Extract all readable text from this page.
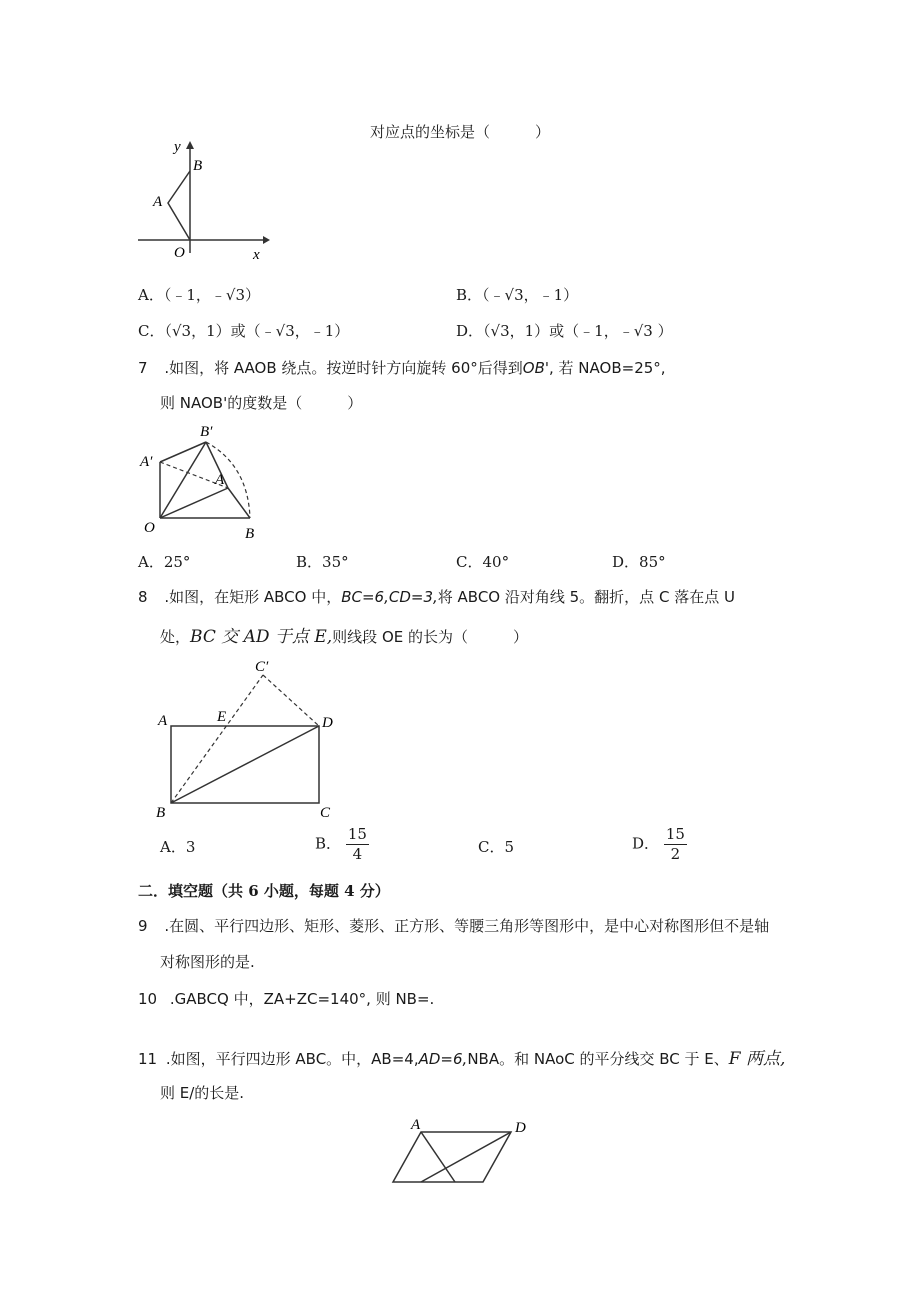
对应点的坐标是（　　　）
y
B
A
O	x
A．（﹣1，﹣√3）	B．（﹣√3，﹣1）
C．（√3，1）或（﹣√3，﹣1）	D．（√3，1）或（﹣1，﹣√3 ）
7 .如图，将 AAOB 绕点。按逆时针方向旋转 60°后得到OB', 若 NAOB=25°,
则 NAOB'的度数是（　　　）
B′
A′
A
O	B
A．25°	B．35°	C．40°	D．85°
8 .如图，在矩形 ABCO 中，BC=6,CD=3,将 ABCO 沿对角线 5。翻折，点 C 落在点 U
处，BC 交 AD 于点 E,则线段 OE 的长为（　　　）
C′
A	E	D
B	C
A．3	B． $\frac{15}{4}$	C．5	D． $\frac{15}{2}$
二．填空题（共 6 小题，每题 4 分）
9 .在圆、平行四边形、矩形、菱形、正方形、等腰三角形等图形中，是中心对称图形但不是轴
对称图形的是.
10 .GABCQ 中，ZA+ZC=140°, 则 NB=.
11 .如图，平行四边形 ABC。中，AB=4,AD=6,NBA。和 NAoC 的平分线交 BC 于 E、F 两点,
则 E/的长是.
A	D
